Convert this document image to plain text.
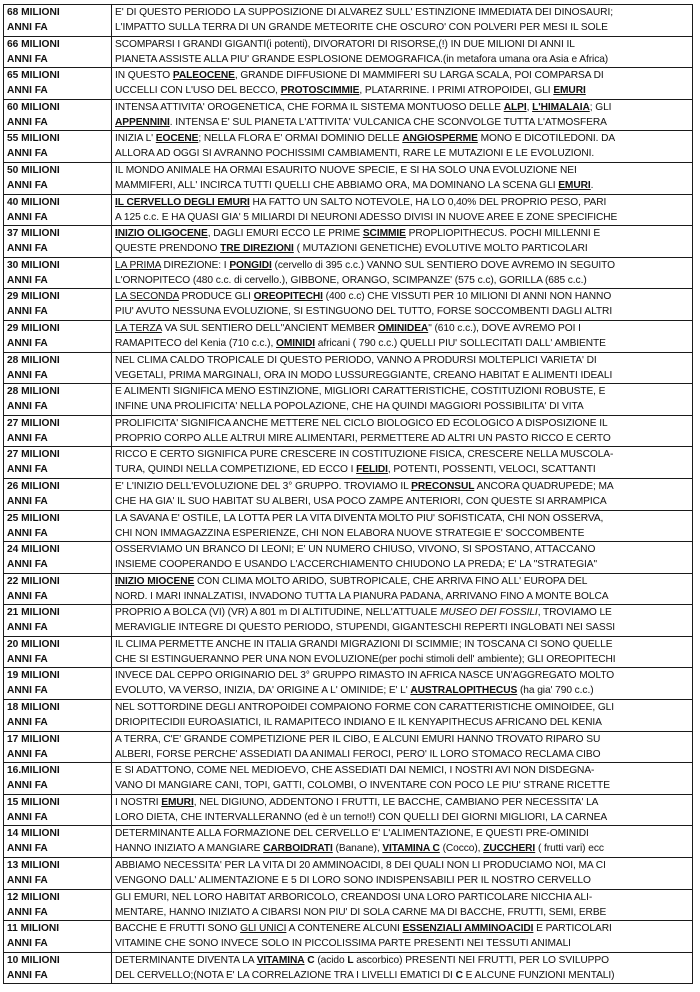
68 MILIONI
ANNI FA	E' DI QUESTO PERIODO LA SUPPOSIZIONE DI ALVAREZ SULL' ESTINZIONE IMMEDIATA DEI DINOSAURI;
L'IMPATTO SULLA TERRA DI UN GRANDE METEORITE CHE OSCURO' CON POLVERI PER MESI IL SOLE

66 MILIONI
ANNI FA	SCOMPARSI I GRANDI GIGANTI(i potenti), DIVORATORI DI RISORSE,(!) IN DUE MILIONI DI ANNI IL
PIANETA ASSISTE ALLA PIU' GRANDE ESPLOSIONE DEMOGRAFICA.(in metafora umana ora Asia e Africa)

65 MILIONI
ANNI FA	IN QUESTO PALEOCENE, GRANDE DIFFUSIONE DI MAMMIFERI SU LARGA SCALA, POI COMPARSA DI
UCCELLI CON L'USO DEL BECCO, PROTOSCIMMIE, PLATARRINE. I PRIMI ATROPOIDEI, GLI EMURI

60 MILIONI
ANNI FA	INTENSA ATTIVITA' OROGENETICA, CHE FORMA IL SISTEMA MONTUOSO DELLE ALPI, L'HIMALAIA; GLI
APPENNINI. INTENSA E' SUL PIANETA L'ATTIVITA' VULCANICA CHE SCONVOLGE TUTTA L'ATMOSFERA

55 MILIONI
ANNI FA	INIZIA L' EOCENE; NELLA FLORA E' ORMAI DOMINIO DELLE ANGIOSPERME MONO E DICOTILEDONI. DA
ALLORA AD OGGI SI AVRANNO POCHISSIMI CAMBIAMENTI, RARE LE MUTAZIONI E LE EVOLUZIONI.

50 MILIONI
ANNI FA	IL MONDO ANIMALE HA ORMAI ESAURITO NUOVE SPECIE, E SI HA SOLO UNA EVOLUZIONE NEI
MAMMIFERI, ALL' INCIRCA TUTTI QUELLI CHE ABBIAMO ORA, MA DOMINANO LA SCENA GLI EMURI.

40 MILIONI
ANNI FA	IL CERVELLO DEGLI EMURI HA FATTO UN SALTO NOTEVOLE, HA LO 0,40% DEL PROPRIO PESO, PARI
A 125 c.c. E HA QUASI GIA' 5 MILIARDI DI NEURONI ADESSO DIVISI IN NUOVE AREE E ZONE SPECIFICHE

37 MILIONI
ANNI FA	INIZIO OLIGOCENE, DAGLI EMURI ECCO LE PRIME SCIMMIE PROPLIOPITHECUS. POCHI MILLENNI E
QUESTE PRENDONO TRE DIREZIONI ( MUTAZIONI GENETICHE) EVOLUTIVE MOLTO PARTICOLARI

30 MILIONI
ANNI FA	LA PRIMA DIREZIONE: I PONGIDI (cervello di 395 c.c.) VANNO SUL SENTIERO DOVE AVREMO IN SEGUITO
L'ORNOPITECO (480 c.c. di cervello.), GIBBONE, ORANGO, SCIMPANZE' (575 c.c), GORILLA (685 c.c.)

29 MILIONI
ANNI FA	LA SECONDA PRODUCE GLI OREOPITECHI (400 c.c) CHE VISSUTI PER 10 MILIONI DI ANNI NON HANNO
PIU' AVUTO NESSUNA EVOLUZIONE, SI ESTINGUONO DEL TUTTO, FORSE SOCCOMBENTI DAGLI ALTRI

29 MILIONI
ANNI FA	LA TERZA VA SUL SENTIERO DELL"ANCIENT MEMBER OMINIDEA" (610 c.c.), DOVE AVREMO POI I
RAMAPITECO del Kenia (710 c.c.), OMINIDI africani ( 790 c.c.) QUELLI PIU' SOLLECITATI DALL' AMBIENTE

28 MILIONI
ANNI FA	NEL CLIMA CALDO TROPICALE DI QUESTO PERIODO, VANNO A PRODURSI MOLTEPLICI VARIETA' DI
VEGETALI, PRIMA MARGINALI, ORA IN MODO LUSSUREGGIANTE, CREANO HABITAT E ALIMENTI IDEALI

28 MILIONI
ANNI FA	E ALIMENTI SIGNIFICA MENO ESTINZIONE, MIGLIORI CARATTERISTICHE, COSTITUZIONI ROBUSTE, E
INFINE UNA PROLIFICITA' NELLA POPOLAZIONE, CHE HA QUINDI MAGGIORI POSSIBILITA' DI VITA

27 MILIONI
ANNI FA	PROLIFICITA' SIGNIFICA ANCHE METTERE NEL CICLO BIOLOGICO ED ECOLOGICO A DISPOSIZIONE IL
PROPRIO CORPO ALLE ALTRUI MIRE ALIMENTARI, PERMETTERE AD ALTRI UN PASTO RICCO E CERTO

27 MILIONI
ANNI FA	RICCO E CERTO SIGNIFICA PURE CRESCERE IN COSTITUZIONE FISICA, CRESCERE NELLA MUSCOLA-
TURA, QUINDI NELLA COMPETIZIONE, ED ECCO I FELIDI, POTENTI, POSSENTI, VELOCI, SCATTANTI

26 MILIONI
ANNI FA	E' L'INIZIO DELL'EVOLUZIONE DEL 3° GRUPPO. TROVIAMO IL PRECONSUL ANCORA QUADRUPEDE; MA
CHE HA GIA' IL SUO HABITAT SU ALBERI, USA POCO ZAMPE ANTERIORI, CON QUESTE SI ARRAMPICA

25 MILIONI
ANNI FA	LA SAVANA E' OSTILE, LA LOTTA PER LA VITA DIVENTA MOLTO PIU' SOFISTICATA, CHI NON OSSERVA,
CHI NON IMMAGAZZINA ESPERIENZE, CHI NON ELABORA NUOVE STRATEGIE E' SOCCOMBENTE

24 MILIONI
ANNI FA	OSSERVIAMO UN BRANCO DI LEONI; E' UN NUMERO CHIUSO, VIVONO, SI SPOSTANO, ATTACCANO
INSIEME COOPERANDO E USANDO L'ACCERCHIAMENTO CHIUDONO LA PREDA; E' LA "STRATEGIA"

22 MILIONI
ANNI FA	INIZIO MIOCENE CON CLIMA MOLTO ARIDO, SUBTROPICALE, CHE ARRIVA FINO ALL' EUROPA DEL
NORD. I MARI INNALZATISI, INVADONO TUTTA LA PIANURA PADANA, ARRIVANO FINO A MONTE BOLCA

21 MILIONI
ANNI FA	PROPRIO A BOLCA (VI) (VR) A 801 m DI ALTITUDINE, NELL'ATTUALE MUSEO DEI FOSSILI, TROVIAMO LE
MERAVIGLIE INTEGRE DI QUESTO PERIODO, STUPENDI, GIGANTESCHI REPERTI INGLOBATI NEI SASSI

20 MILIONI
ANNI FA	IL CLIMA PERMETTE ANCHE IN ITALIA GRANDI MIGRAZIONI DI SCIMMIE; IN TOSCANA CI SONO QUELLE
CHE SI ESTINGUERANNO PER UNA NON EVOLUZIONE(per pochi stimoli dell' ambiente); GLI OREOPITECHI

19 MILIONI
ANNI FA	INVECE DAL CEPPO ORIGINARIO DEL 3° GRUPPO RIMASTO IN AFRICA NASCE UN'AGGREGATO MOLTO
EVOLUTO, VA VERSO, INIZIA, DA' ORIGINE A L' OMINIDE; E' L' AUSTRALOPITHECUS (ha gia' 790 c.c.)

18 MILIONI
ANNI FA	NEL SOTTORDINE DEGLI ANTROPOIDEI COMPAIONO FORME CON CARATTERISTICHE OMINOIDEE, GLI
DRIOPITECIDII EUROASIATICI, IL RAMAPITECO INDIANO E IL KENYAPITHECUS AFRICANO DEL KENIA

17 MILIONI
ANNI FA	A TERRA, C'E' GRANDE COMPETIZIONE PER IL CIBO, E ALCUNI EMURI HANNO TROVATO RIPARO SU
ALBERI, FORSE PERCHE' ASSEDIATI DA ANIMALI FEROCI, PERO' IL LORO STOMACO RECLAMA CIBO

16.MILIONI
ANNI FA	E SI ADATTONO, COME NEL MEDIOEVO, CHE ASSEDIATI DAI NEMICI, I NOSTRI AVI NON DISDEGNA-
VANO DI MANGIARE CANI, TOPI, GATTI, COLOMBI, O INVENTARE CON POCO LE PIU' STRANE RICETTE

15 MILIONI
ANNI FA	I NOSTRI EMURI, NEL DIGIUNO, ADDENTONO I FRUTTI, LE BACCHE, CAMBIANO PER NECESSITA' LA
LORO DIETA, CHE INTERVALLERANNO (ed è un terno!!) CON QUELLI DEI GIORNI MIGLIORI, LA CARNEA

14 MILIONI
ANNI FA	DETERMINANTE ALLA FORMAZIONE DEL CERVELLO E' L'ALIMENTAZIONE, E QUESTI PRE-OMINIDI
HANNO INIZIATO A MANGIARE CARBOIDRATI (Banane), VITAMINA C (Cocco), ZUCCHERI ( frutti vari) ecc

13 MILIONI
ANNI FA	ABBIAMO NECESSITA' PER LA VITA DI 20 AMMINOACIDI, 8 DEI QUALI NON LI PRODUCIAMO NOI, MA CI
VENGONO DALL' ALIMENTAZIONE E 5 DI LORO SONO INDISPENSABILI PER IL NOSTRO CERVELLO

12 MILIONI
ANNI FA	GLI EMURI, NEL LORO HABITAT ARBORICOLO, CREANDOSI UNA LORO PARTICOLARE NICCHIA ALI-
MENTARE, HANNO INIZIATO A CIBARSI NON PIU' DI SOLA CARNE MA DI BACCHE, FRUTTI, SEMI, ERBE

11 MILIONI
ANNI FA	BACCHE E FRUTTI SONO GLI UNICI A CONTENERE ALCUNI ESSENZIALI AMMINOACIDI E PARTICOLARI
VITAMINE CHE SONO INVECE SOLO IN PICCOLISSIMA PARTE PRESENTI NEI TESSUTI ANIMALI

10 MILIONI
ANNI FA	DETERMINANTE DIVENTA LA VITAMINA C (acido L ascorbico) PRESENTI NEI FRUTTI, PER LO SVILUPPO
DEL CERVELLO;(NOTA E' LA CORRELAZIONE TRA I LIVELLI EMATICI DI C E ALCUNE FUNZIONI MENTALI)
